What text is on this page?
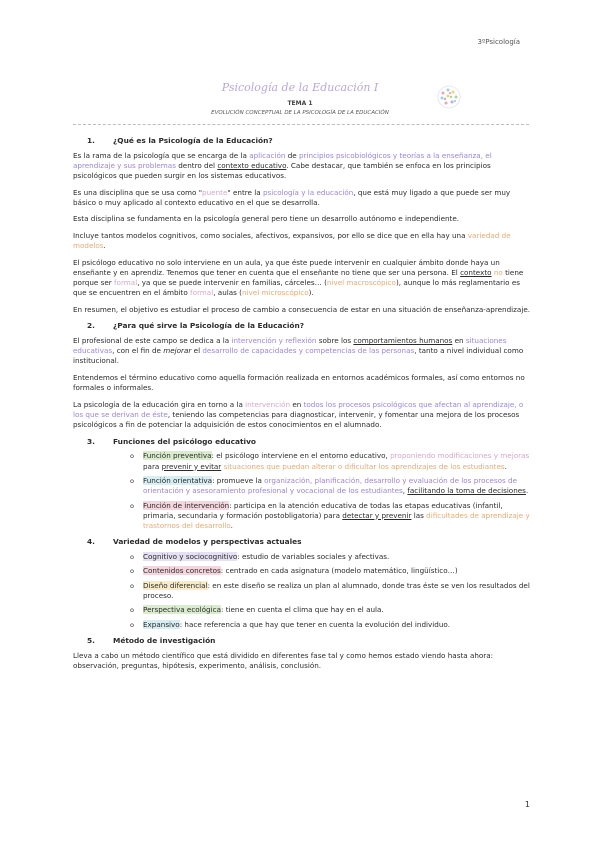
3ºPsicología
Psicología de la Educación I
TEMA 1
EVOLUCIÓN CONCEPTUAL DE LA PSICOLOGÍA DE LA EDUCACIÓN
1. ¿Qué es la Psicología de la Educación?

Es la rama de la psicología que se encarga de la aplicación de principios psicobiológicos y teorías a la enseñanza, el aprendizaje y sus problemas dentro del contexto educativo. Cabe destacar, que también se enfoca en los principios psicológicos que pueden surgir en los sistemas educativos.

Es una disciplina que se usa como "puente" entre la psicología y la educación, que está muy ligado a que puede ser muy básico o muy aplicado al contexto educativo en el que se desarrolla.

Esta disciplina se fundamenta en la psicología general pero tiene un desarrollo autónomo e independiente.

Incluye tantos modelos cognitivos, como sociales, afectivos, expansivos, por ello se dice que en ella hay una variedad de modelos.

El psicólogo educativo no solo interviene en un aula, ya que éste puede intervenir en cualquier ámbito donde haya un enseñante y en aprendiz. Tenemos que tener en cuenta que el enseñante no tiene que ser una persona. El contexto no tiene porque ser formal, ya que se puede intervenir en familias, cárceles… (nivel macroscópico), aunque lo más reglamentario es que se encuentren en el ámbito formal, aulas (nivel microscópico).

En resumen, el objetivo es estudiar el proceso de cambio a consecuencia de estar en una situación de enseñanza-aprendizaje.

2. ¿Para qué sirve la Psicología de la Educación?

El profesional de este campo se dedica a la intervención y reflexión sobre los comportamientos humanos en situaciones educativas, con el fin de mejorar el desarrollo de capacidades y competencias de las personas, tanto a nivel individual como institucional.

Entendemos el término educativo como aquella formación realizada en entornos académicos formales, así como entornos no formales o informales.

La psicología de la educación gira en torno a la intervención en todos los procesos psicológicos que afectan al aprendizaje, o los que se derivan de éste, teniendo las competencias para diagnosticar, intervenir, y fomentar una mejora de los procesos psicológicos a fin de potenciar la adquisición de estos conocimientos en el alumnado.

3. Funciones del psicólogo educativo
o Función preventiva: el psicólogo interviene en el entorno educativo, proponiendo modificaciones y mejoras para prevenir y evitar situaciones que puedan alterar o dificultar los aprendizajes de los estudiantes.
o Función orientativa: promueve la organización, planificación, desarrollo y evaluación de los procesos de orientación y asesoramiento profesional y vocacional de los estudiantes, facilitando la toma de decisiones.
o Función de intervención: participa en la atención educativa de todas las etapas educativas (infantil, primaria, secundaria y formación postobligatoria) para detectar y prevenir las dificultades de aprendizaje y trastornos del desarrollo.
4. Variedad de modelos y perspectivas actuales
o Cognitivo y sociocognitivo: estudio de variables sociales y afectivas.
o Contenidos concretos: centrado en cada asignatura (modelo matemático, lingüístico…)
o Diseño diferencial: en este diseño se realiza un plan al alumnado, donde tras éste se ven los resultados del proceso.
o Perspectiva ecológica: tiene en cuenta el clima que hay en el aula.
o Expansivo: hace referencia a que hay que tener en cuenta la evolución del individuo.
5. Método de investigación

Lleva a cabo un método científico que está dividido en diferentes fase tal y como hemos estado viendo hasta ahora: observación, preguntas, hipótesis, experimento, análisis, conclusión.

1
